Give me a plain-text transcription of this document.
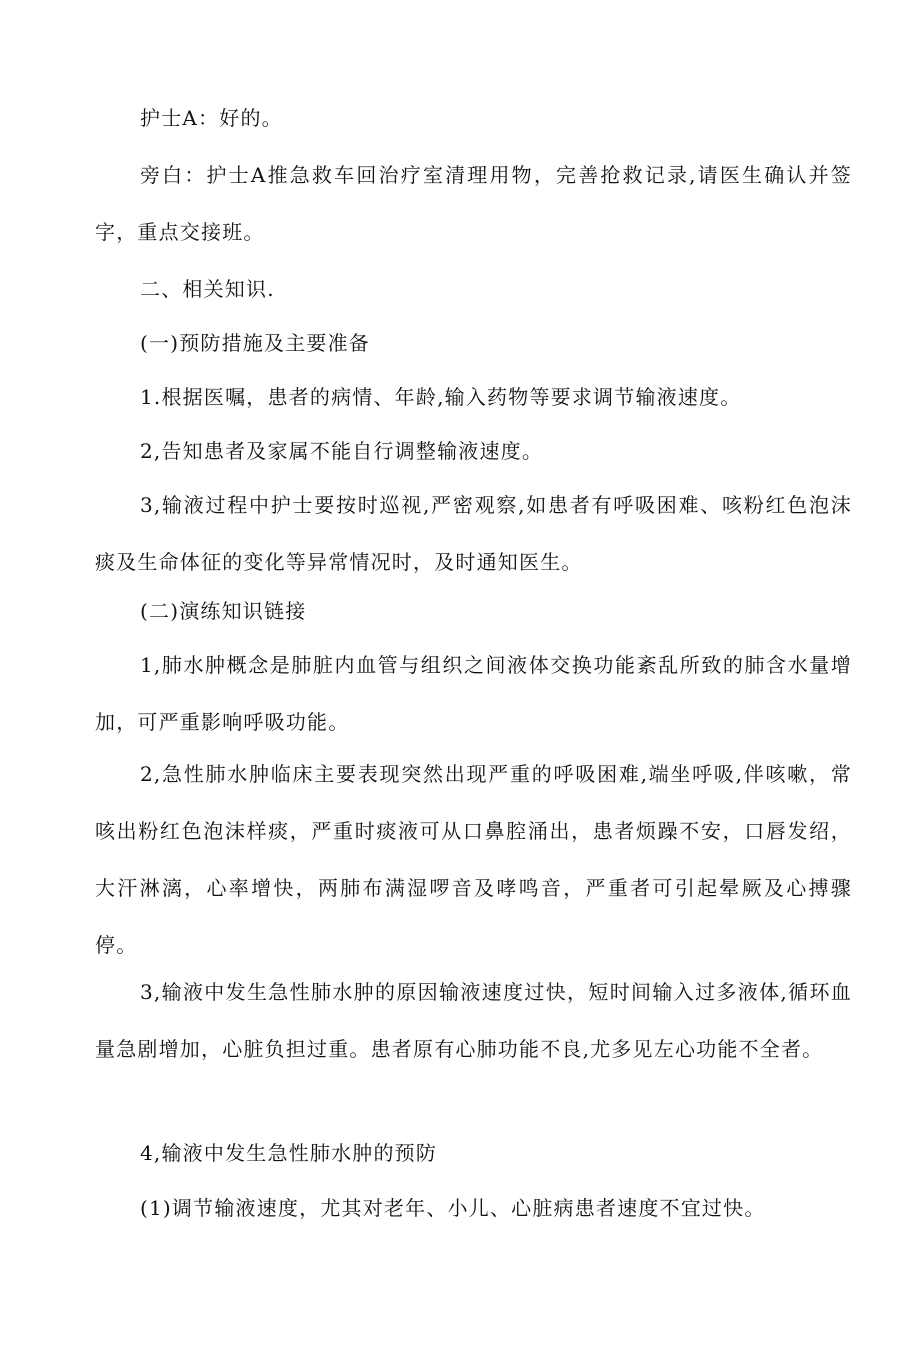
护士A：好的。

旁白：护士A推急救车回治疗室清理用物，完善抢救记录,请医生确认并签字，重点交接班。

二、相关知识.

(一)预防措施及主要准备

1.根据医嘱，患者的病情、年龄,输入药物等要求调节输液速度。

2,告知患者及家属不能自行调整输液速度。

3,输液过程中护士要按时巡视,严密观察,如患者有呼吸困难、咳粉红色泡沫痰及生命体征的变化等异常情况时，及时通知医生。

(二)演练知识链接

1,肺水肿概念是肺脏内血管与组织之间液体交换功能紊乱所致的肺含水量增加，可严重影响呼吸功能。

2,急性肺水肿临床主要表现突然出现严重的呼吸困难,端坐呼吸,伴咳嗽，常咳出粉红色泡沫样痰，严重时痰液可从口鼻腔涌出，患者烦躁不安，口唇发绍，大汗淋漓，心率增快，两肺布满湿啰音及哮鸣音，严重者可引起晕厥及心搏骤停。

3,输液中发生急性肺水肿的原因输液速度过快，短时间输入过多液体,循环血量急剧增加，心脏负担过重。患者原有心肺功能不良,尤多见左心功能不全者。

4,输液中发生急性肺水肿的预防

(1)调节输液速度，尤其对老年、小儿、心脏病患者速度不宜过快。
